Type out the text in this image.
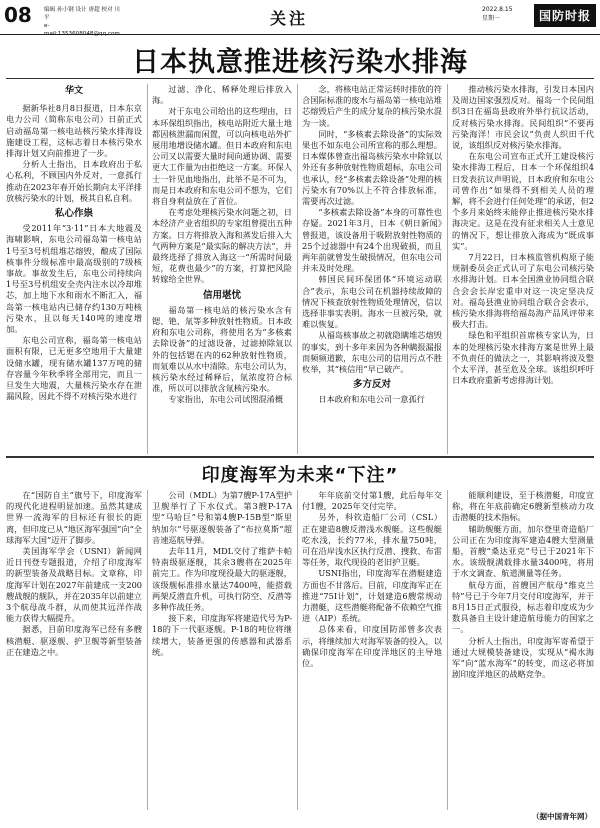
08 编辑 孙小钢 设计 唐超 校对 川平
e-mail:1353608048@qq.com
关注	2022.8.15
星期一	国防时报
日本执意推进核污染水排海
华文

据新华社8月8日报道，日本东京电力公司（简称东电公司）日前正式启动福岛第一核电站核污染水排海设施建设工程，这标志着日本核污染水排海计划又向前推进了一步。

分析人士指出，日本政府出于私心私利，不顾国内外反对，一意孤行推动在2023年春开始长期向太平洋排放核污染水的计划，极其自私自利。

私心作祟

受2011年“3·11”日本大地震及海啸影响，东电公司福岛第一核电站1号至3号机组堆芯熔毁，酿成了国际核事件分级标准中最高级别的7级核事故。事故发生后，东电公司持续向1号至3号机组安全壳内注水以冷却堆芯，加上地下水和雨水不断汇入，福岛第一核电站内已储存约130万吨核污染水，且以每天140吨的速度增加。

东电公司宣称，福岛第一核电站面积有限，已无更多空地用于大量建设储水罐，现有储水罐137万吨的储存容量今年秋季将全部用完，而且一旦发生大地震，大量核污染水存在泄漏风险，因此不得不对核污染水进行

过滤、净化、稀释处理后排放入海。

对于东电公司给出的这些理由，日本环保组织指出，核电站附近大量土地都因核泄漏而闲置，可以向核电站外扩展用地增设储水罐。但日本政府和东电公司又以需要大量时间向通协调、需要更大工作量为由拒绝这一方案。环保人士一针见血地指出，此举不是不可为，而是日本政府和东电公司不想为，它们将自身利益放在了首位。

在考虑处理核污染水问题之初，日本经济产业省组织的专家组曾提出五种方案。日方将排放入海和蒸发后排入大气两种方案是“最实际的解决方法”，并最终选择了排放入海这一“所需时间最短，花费也最少”的方案，打算把风险转嫁给全世界。

信用堪忧

福岛第一核电站的核污染水含有锶、铯、氚等多种放射性物质。日本政府和东电公司称，将使用名为“多核素去除设备”的过滤设备，过滤掉除氚以外的包括锶在内的62种放射性物质，而氚难以从水中清除。东电公司认为，核污染水经过稀释后，氚浓度符合标准，所以可以排放含氚核污染水。

专家指出，东电公司试图混淆概

念，将核电站正常运转时排放的符合国际标准的废水与福岛第一核电站堆芯熔毁后产生的成分复杂的核污染水混为一谈。

同时，“多核素去除设备”的实际效果也不如东电公司所宣称的那么理想。日本媒体曾查出福岛核污染水中除氚以外还有多种放射性物质超标，东电公司也承认，经“多核素去除设备”处理的核污染水有70%以上不符合排放标准，需要再次过滤。

“多核素去除设备”本身的可靠性也存疑。2021年3月，日本《朝日新闻》曾报道，该设备用于吸附放射性物质的25个过滤器中有24个出现破损，而且两年前就曾发生破损情况，但东电公司并未及时处理。

韩国民间环保团体“环境运动联合”表示，东电公司在机器持续故障的情况下核查放射性物质处理情况，信以选择非事实表明。海水一旦被污染，就难以恢复。

从福岛核事故之初就隐瞒堆芯熔毁的事实，到十多年来因为各种瞒报漏报而频频道歉，东电公司的信用污点不胜枚举，其“核信用”早已破产。

多方反对

日本政府和东电公司一意孤行

推动核污染水排海，引发日本国内及周边国家强烈反对。福岛一个民间组织3日在福岛县政府外举行抗议活动，反对核污染水排海。民间组织“不要再污染海洋！市民会议”负责人织田千代说，该组织反对核污染水排海。

在东电公司宣布正式开工建设核污染水排海工程后，日本一个环保组织4日发表抗议声明说，日本政府和东电公司曾作出“如果得不到相关人员的理解，将不会进行任何处理”的承诺，但2个多月来始终未能停止推进核污染水排海决定。这是在没有征求相关人士意见的情况下，想让排放入海成为“既成事实”。

7月22日，日本核监管机构原子能规制委员会正式认可了东电公司核污染水排海计划。日本全国渔业协同组合联合会会长岸宏重申对这一决定坚决反对。福岛县渔业协同组合联合会表示，核污染水排海将给福岛海产品风评带来极大打击。

绿色和平组织首席核专家认为，日本的处理核污染水排海方案是世界上最不负责任的做法之一，其影响将波及整个太平洋，甚至危及全球。该组织呼吁日本政府重新考虑排海计划。

印度海军为未来“下注”

在“国防自主”旗号下，印度海军的现代化进程明显加速。虽然其建成世界一流海军的目标还有很长的距离，但印度已从“地区海军强国”向“全球海军大国”迈开了脚步。

美国海军学会（USNI）新闻网近日刊登专题报道，介绍了印度海军的新型装备及战略目标。文章称，印度海军计划在2027年前建成一支200艘战舰的舰队，并在2035年以前建立3个航母战斗群，从而使其远洋作战能力获得大幅提升。

据悉，目前印度海军已经有多艘核潜艇、驱逐舰、护卫舰等新型装备正在建造之中。

公司（MDL）为第7艘P-17A型护卫舰举行了下水仪式。第3艘P-17A型“马哈巨”号和第4艘P-15B型“斯里纳加尔”号驱逐舰装备了“布拉莫斯”超音速巡航导弹。

去年11月，MDL交付了维萨卡帕特南级驱逐舰，其余3艘将在2025年前完工。作为印度现役最大的驱逐舰，该级舰标准排水量达7400吨，能搭载两架反潜直升机，可执行防空、反潜等多种作战任务。

接下来，印度海军将建造代号为P-18的下一代驱逐舰。P-18的吨位将继续增大，装备更强的传感器和武器系统。

年年底前交付第1艘，此后每年交付1艘，2025年交付完毕。

另外，科钦造船厂公司（CSL）正在建造8艘反潜浅水舰艇。这些舰艇吃水浅，长约77米，排水量750吨，可在沿岸浅水区执行反潜、搜救、布雷等任务，取代现役的老旧护卫艇。

USNI指出，印度海军在潜艇建造方面也不甘落后。目前，印度海军正在推进“75I计划”，计划建造6艘常规动力潜艇，这些潜艇将配备不依赖空气推进（AIP）系统。

总体来看，印度国防部曾多次表示，将继续加大对海军装备的投入，以确保印度海军在印度洋地区的主导地位。

能顺利建设，至于核潜艇，印度宣称，将在年底前确定6艘新型核动力攻击潜艇的技术指标。

辅助舰艇方面，加尔登里奇造船厂公司正在为印度海军建造4艘大型测量船，首艘“桑达亚克”号已于2021年下水。该级舰满载排水量3400吨，将用于水文调查、航道测量等任务。

航母方面，首艘国产航母“维克兰特”号已于今年7月交付印度海军，并于8月15日正式服役，标志着印度成为少数具备自主设计建造航母能力的国家之一。

分析人士指出，印度海军寄希望于通过大规模装备建设，实现从“褐水海军”向“蓝水海军”的转变，而这必将加剧印度洋地区的战略竞争。

（据中国青年网）
